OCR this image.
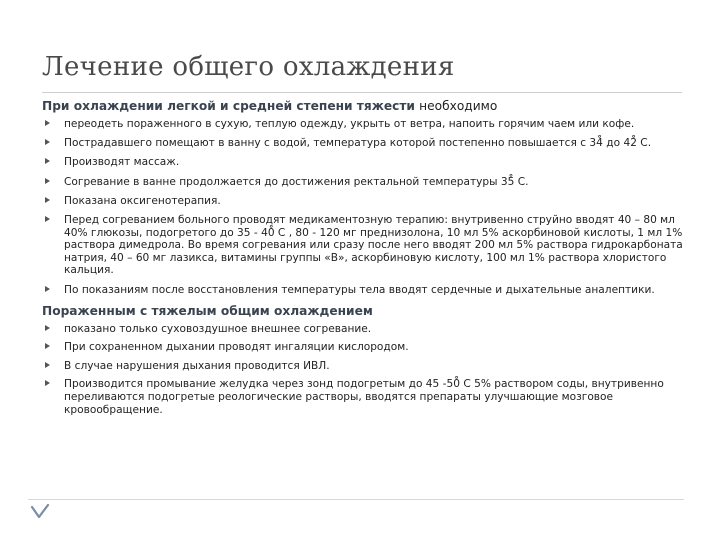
Лечение общего охлаждения

При охлаждении легкой и средней степени тяжести необходимо

переодеть пораженного в сухую, теплую одежду, укрыть от ветра, напоить горячим чаем или кофе.
Пострадавшего помещают в ванну с водой, температура которой постепенно повышается с 34̊ до 42̊ С.
Производят массаж.
Согревание в ванне продолжается до достижения ректальной температуры 35̊ С.
Показана оксигенотерапия.
Перед согреванием больного проводят медикаментозную терапию: внутривенно струйно вводят 40 – 80 мл 40% глюкозы, подогретого до 35 - 40̊ С , 80 - 120 мг преднизолона, 10 мл 5% аскорбиновой кислоты, 1 мл 1% раствора димедрола. Во время согревания или сразу после него вводят 200 мл 5% раствора гидрокарбоната натрия, 40 – 60 мг лазикса, витамины группы «В», аскорбиновую кислоту, 100 мл 1% раствора хлористого кальция.
По показаниям после восстановления температуры тела вводят сердечные и дыхательные аналептики.

Пораженным с тяжелым общим охлаждением

показано только суховоздушное внешнее согревание.
При сохраненном дыхании проводят ингаляции кислородом.
В случае нарушения дыхания проводится ИВЛ.
Производится промывание желудка через зонд подогретым до 45 -50̊ С 5% раствором соды, внутривенно переливаются подогретые реологические растворы, вводятся препараты улучшающие мозговое кровообращение.
